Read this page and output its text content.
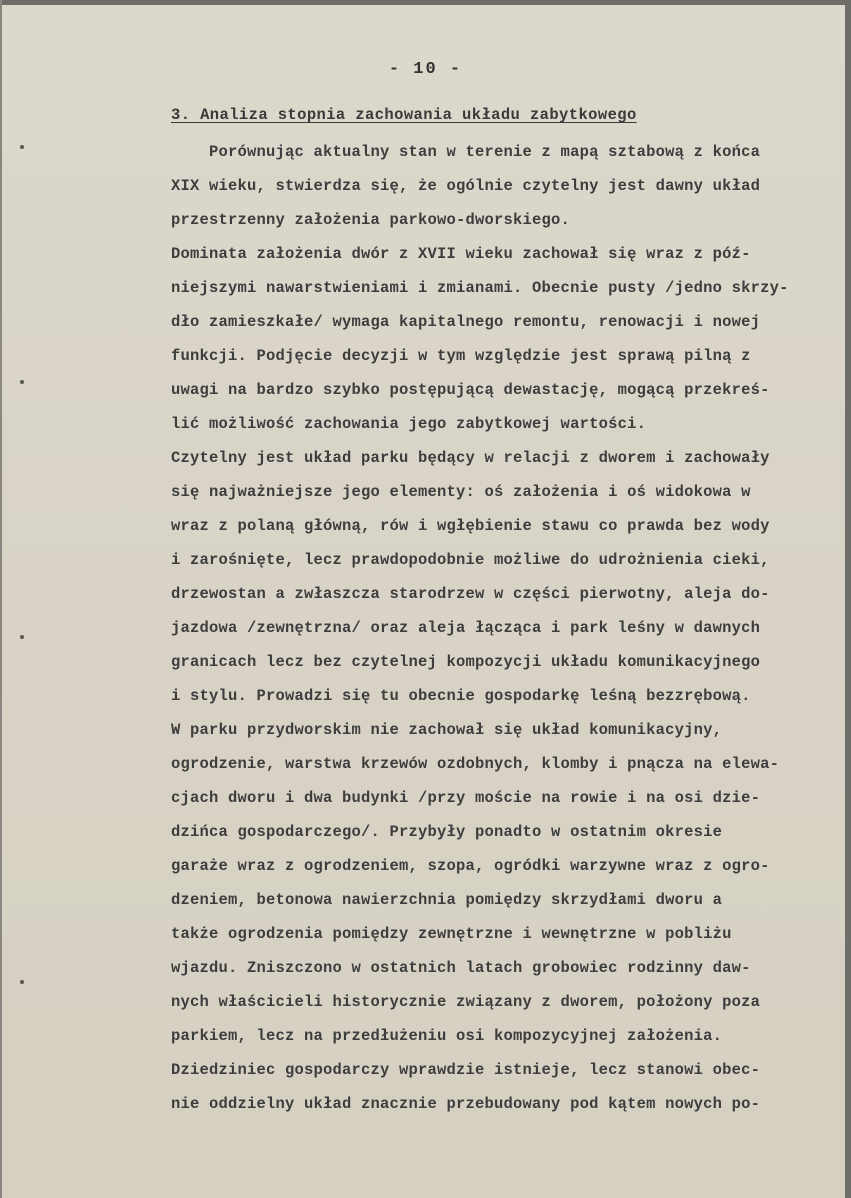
- 10 -
3. Analiza stopnia zachowania układu zabytkowego
Porównując aktualny stan w terenie z mapą sztabową z końca
XIX wieku, stwierdza się, że ogólnie czytelny jest dawny układ
przestrzenny założenia parkowo-dworskiego.
Dominata założenia dwór z XVII wieku zachował się wraz z póź-
niejszymi nawarstwieniami i zmianami. Obecnie pusty /jedno skrzy-
dło zamieszkałe/ wymaga kapitalnego remontu, renowacji i nowej
funkcji. Podjęcie decyzji w tym względzie jest sprawą pilną z
uwagi na bardzo szybko postępującą dewastację, mogącą przekreś-
lić możliwość zachowania jego zabytkowej wartości.
Czytelny jest układ parku będący w relacji z dworem i zachowały
się najważniejsze jego elementy: oś założenia i oś widokowa w
wraz z polaną główną, rów i wgłębienie stawu co prawda bez wody
i zarośnięte, lecz prawdopodobnie możliwe do udrożnienia cieki,
drzewostan a zwłaszcza starodrzew w części pierwotny, aleja do-
jazdowa /zewnętrzna/ oraz aleja łącząca i park leśny w dawnych
granicach lecz bez czytelnej kompozycji układu komunikacyjnego
i stylu. Prowadzi się tu obecnie gospodarkę leśną bezzrębową.
W parku przydworskim nie zachował się układ komunikacyjny,
ogrodzenie, warstwa krzewów ozdobnych, klomby i pnącza na elewa-
cjach dworu i dwa budynki /przy moście na rowie i na osi dzie-
dzińca gospodarczego/. Przybyły ponadto w ostatnim okresie
garaże wraz z ogrodzeniem, szopa, ogródki warzywne wraz z ogro-
dzeniem, betonowa nawierzchnia pomiędzy skrzydłami dworu a
także ogrodzenia pomiędzy zewnętrzne i wewnętrzne w pobliżu
wjazdu. Zniszczono w ostatnich latach grobowiec rodzinny daw-
nych właścicieli historycznie związany z dworem, położony poza
parkiem, lecz na przedłużeniu osi kompozycyjnej założenia.
Dziedziniec gospodarczy wprawdzie istnieje, lecz stanowi obec-
nie oddzielny układ znacznie przebudowany pod kątem nowych po-
